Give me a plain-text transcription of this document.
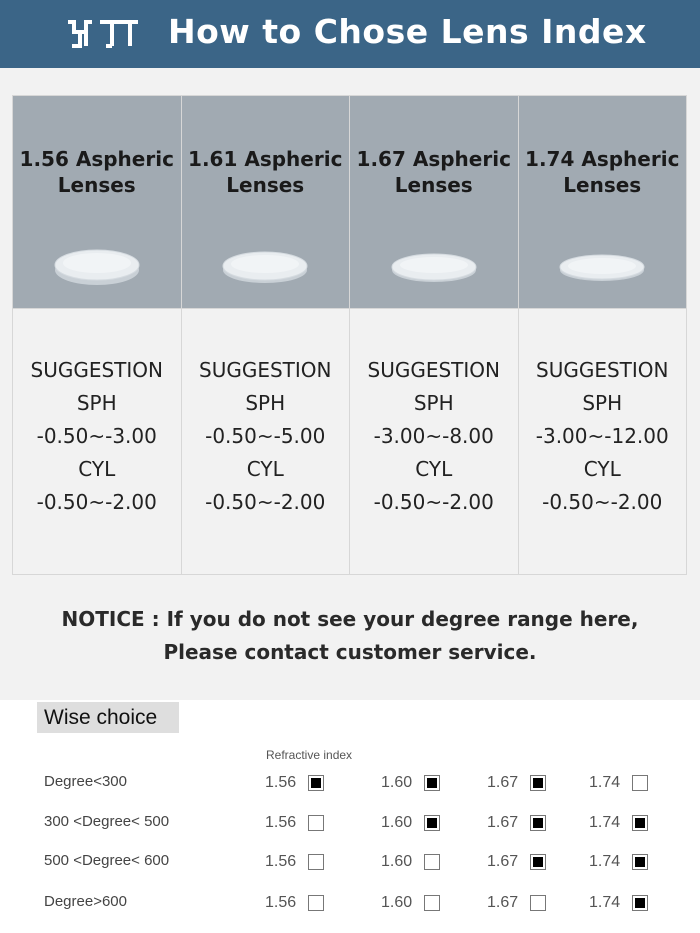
How to Chose Lens Index
1.56 Aspheric
Lenses
SUGGESTION
SPH
-0.50~-3.00
CYL
-0.50~-2.00
1.61 Aspheric
Lenses
SUGGESTION
SPH
-0.50~-5.00
CYL
-0.50~-2.00
1.67 Aspheric
Lenses
SUGGESTION
SPH
-3.00~-8.00
CYL
-0.50~-2.00
1.74 Aspheric
Lenses
SUGGESTION
SPH
-3.00~-12.00
CYL
-0.50~-2.00
NOTICE : If you do not see your degree range here,
Please contact customer service.
Wise choice
Refractive index
Degree<300	1.56	1.60	1.67	1.74
300 <Degree< 500	1.56	1.60	1.67	1.74
500 <Degree< 600	1.56	1.60	1.67	1.74
Degree>600	1.56	1.60	1.67	1.74
